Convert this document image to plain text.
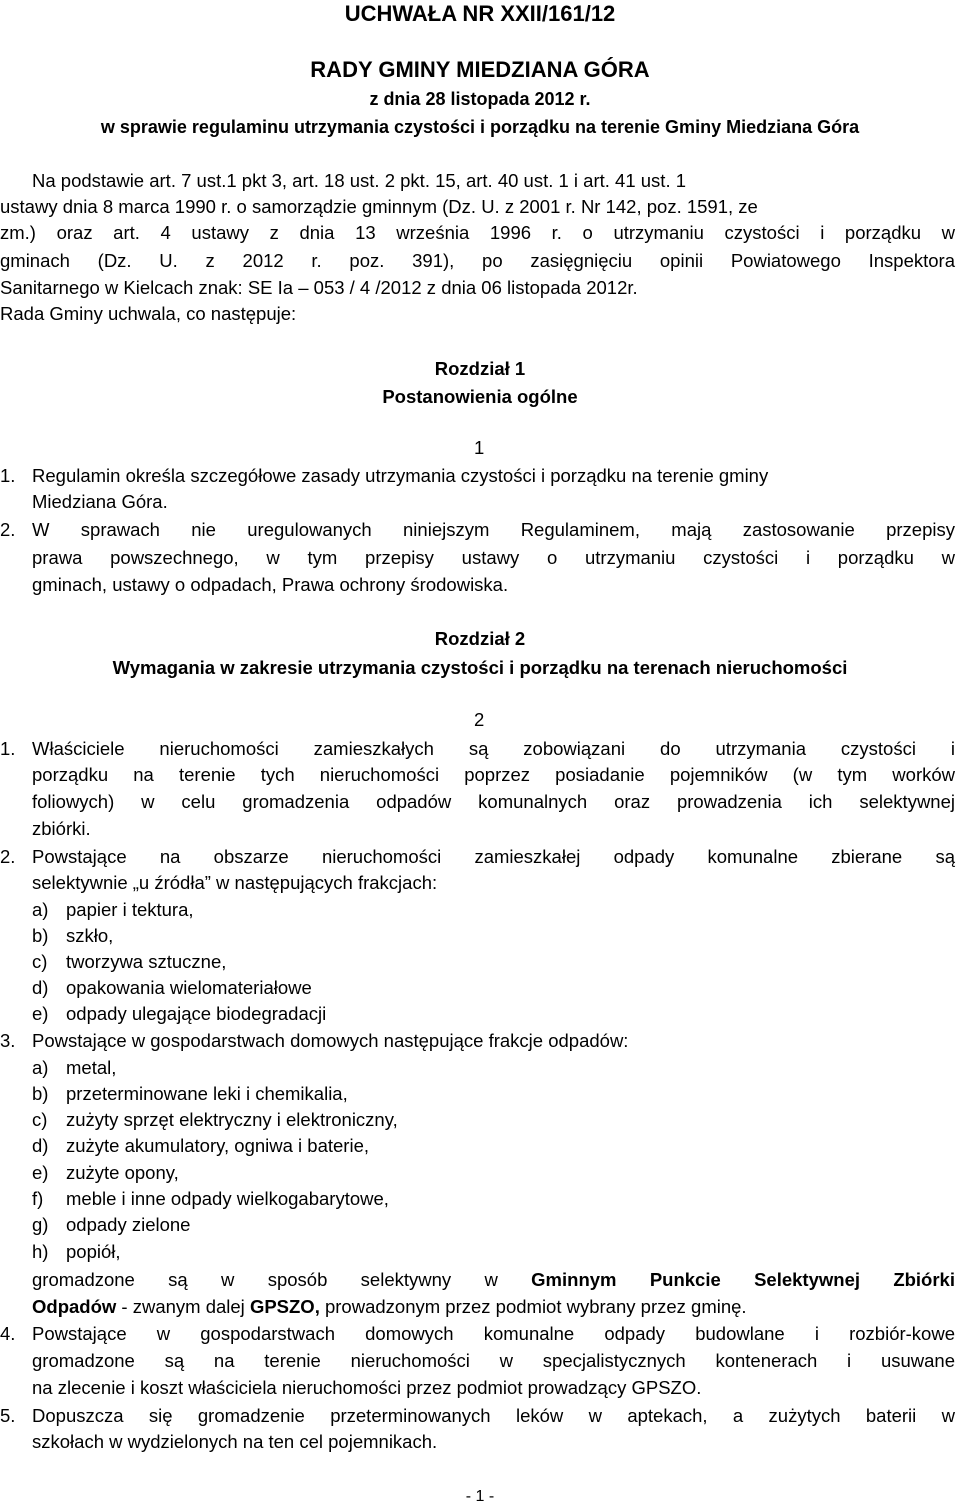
UCHWAŁA NR XXII/161/12
RADY GMINY MIEDZIANA GÓRA
z dnia 28 listopada 2012 r.
w sprawie regulaminu utrzymania czystości i porządku na terenie Gminy Miedziana Góra
Na podstawie art. 7 ust.1 pkt 3, art. 18 ust. 2 pkt. 15, art. 40 ust. 1 i art. 41 ust. 1
ustawy dnia 8 marca 1990 r. o samorządzie gminnym (Dz. U. z 2001 r. Nr 142, poz. 1591, ze
zm.) oraz art. 4 ustawy z dnia 13 września 1996 r. o utrzymaniu czystości i porządku w
gminach (Dz. U. z 2012 r. poz. 391), po zasięgnięciu opinii Powiatowego Inspektora
Sanitarnego w Kielcach znak: SE Ia – 053 / 4 /2012 z dnia 06 listopada 2012r.
Rada Gminy uchwala, co następuje:
Rozdział 1
Postanowienia ogólne
1
1. Regulamin określa szczegółowe zasady utrzymania czystości i porządku na terenie gminy
Miedziana Góra.
2. W sprawach nie uregulowanych niniejszym Regulaminem, mają zastosowanie przepisy
prawa powszechnego, w tym przepisy ustawy o utrzymaniu czystości i porządku w
gminach, ustawy o odpadach, Prawa ochrony środowiska.
Rozdział 2
Wymagania w zakresie utrzymania czystości i porządku na terenach nieruchomości
2
1. Właściciele nieruchomości zamieszkałych są zobowiązani do utrzymania czystości i
porządku na terenie tych nieruchomości poprzez posiadanie pojemników (w tym worków
foliowych) w celu gromadzenia odpadów komunalnych oraz prowadzenia ich selektywnej
zbiórki.
2. Powstające na obszarze nieruchomości zamieszkałej odpady komunalne zbierane są
selektywnie „u źródła” w następujących frakcjach:
a) papier i tektura,
b) szkło,
c) tworzywa sztuczne,
d) opakowania wielomateriałowe
e) odpady ulegające biodegradacji
3. Powstające w gospodarstwach domowych następujące frakcje odpadów:
a) metal,
b) przeterminowane leki i chemikalia,
c) zużyty sprzęt elektryczny i elektroniczny,
d) zużyte akumulatory, ogniwa i baterie,
e) zużyte opony,
f) meble i inne odpady wielkogabarytowe,
g) odpady zielone
h) popiół,
gromadzone są w sposób selektywny w Gminnym Punkcie Selektywnej Zbiórki
Odpadów - zwanym dalej GPSZO, prowadzonym przez podmiot wybrany przez gminę.
4. Powstające w gospodarstwach domowych komunalne odpady budowlane i rozbiór-kowe
gromadzone są na terenie nieruchomości w specjalistycznych kontenerach i usuwane
na zlecenie i koszt właściciela nieruchomości przez podmiot prowadzący GPSZO.
5. Dopuszcza się gromadzenie przeterminowanych leków w aptekach, a zużytych baterii w
szkołach w wydzielonych na ten cel pojemnikach.
- 1 -
